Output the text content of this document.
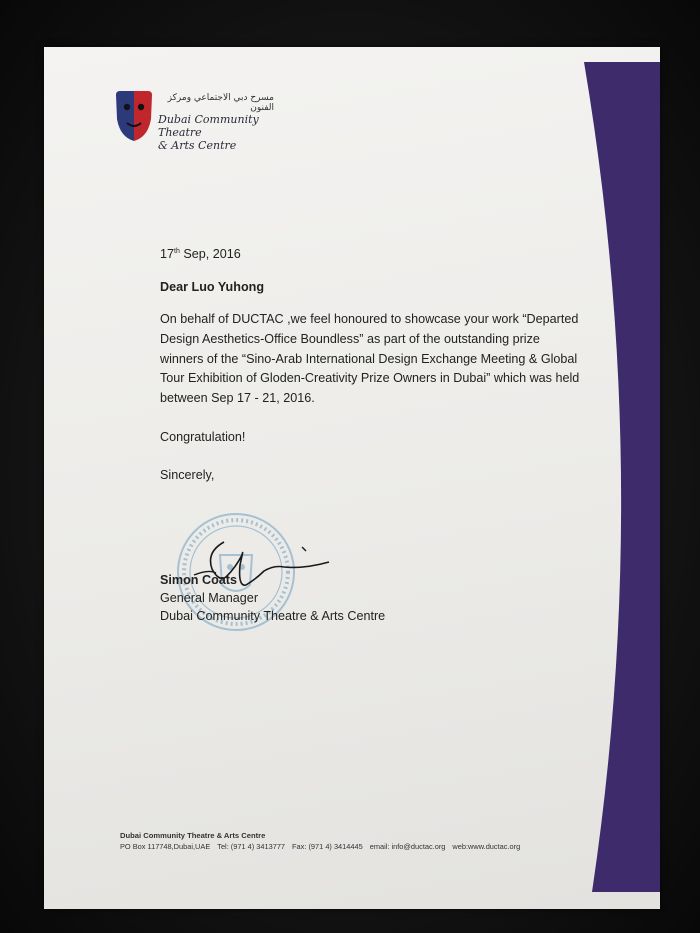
مسرح دبي الاجتماعي ومركز الفنون
Dubai Community Theatre
& Arts Centre

17th Sep, 2016

Dear Luo Yuhong

On behalf of DUCTAC ,we feel honoured to showcase your work “Departed Design Aesthetics-Office Boundless” as part of the outstanding prize winners of the “Sino-Arab International Design Exchange Meeting & Global Tour Exhibition of Gloden-Creativity Prize Owners in Dubai” which was held between Sep 17 - 21, 2016.

Congratulation!

Sincerely,

Simon Coats
General Manager
Dubai Community Theatre & Arts Centre
Dubai Community Theatre & Arts Centre
PO Box 117748,Dubai,UAE Tel: (971 4) 3413777 Fax: (971 4) 3414445 email: info@ductac.org web:www.ductac.org
